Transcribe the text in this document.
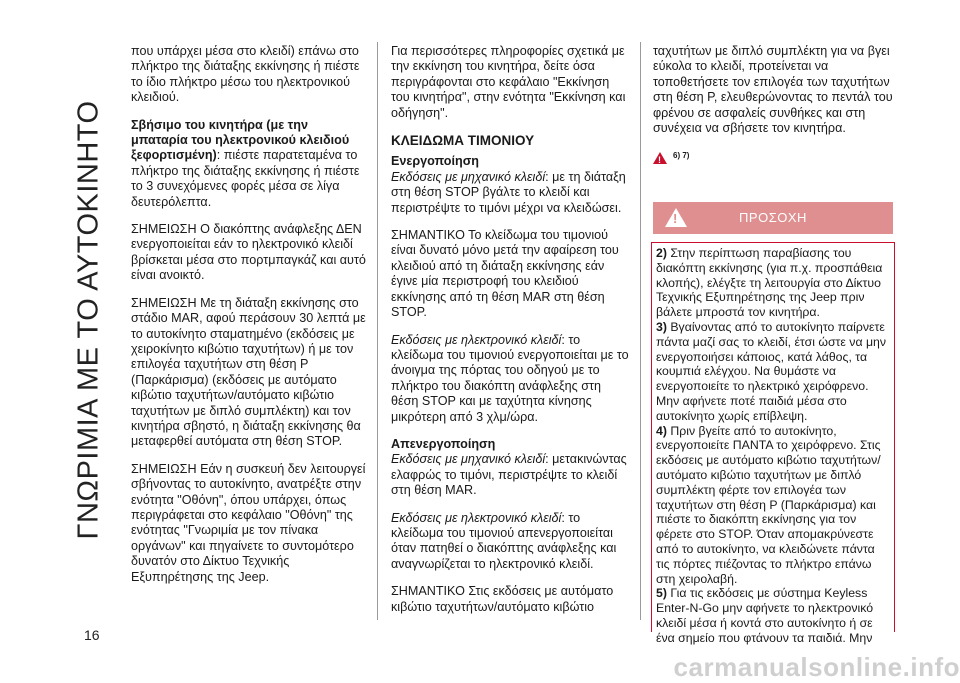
ΓΝΩΡΙΜΙΑ ΜΕ ΤΟ ΑΥΤΟΚΙΝΗΤΟ
16

που υπάρχει μέσα στο κλειδί) επάνω στο πλήκτρο της διάταξης εκκίνησης ή πιέστε το ίδιο πλήκτρο μέσω του ηλεκτρονικού κλειδιού.

Σβήσιμο του κινητήρα (με την μπαταρία του ηλεκτρονικού κλειδιού ξεφορτισμένη): πιέστε παρατεταμένα το πλήκτρο της διάταξης εκκίνησης ή πιέστε το 3 συνεχόμενες φορές μέσα σε λίγα δευτερόλεπτα.

ΣΗΜΕΙΩΣΗ Ο διακόπτης ανάφλεξης ΔΕΝ ενεργοποιείται εάν το ηλεκτρονικό κλειδί βρίσκεται μέσα στο πορτμπαγκάζ και αυτό είναι ανοικτό.

ΣΗΜΕΙΩΣΗ Με τη διάταξη εκκίνησης στο στάδιο MAR, αφού περάσουν 30 λεπτά με το αυτοκίνητο σταματημένο (εκδόσεις με χειροκίνητο κιβώτιο ταχυτήτων) ή με τον επιλογέα ταχυτήτων στη θέση P (Παρκάρισμα) (εκδόσεις με αυτόματο κιβώτιο ταχυτήτων/αυτόματο κιβώτιο ταχυτήτων με διπλό συμπλέκτη) και τον κινητήρα σβηστό, η διάταξη εκκίνησης θα μεταφερθεί αυτόματα στη θέση STOP.

ΣΗΜΕΙΩΣΗ Εάν η συσκευή δεν λειτουργεί σβήνοντας το αυτοκίνητο, ανατρέξτε στην ενότητα "Οθόνη", όπου υπάρχει, όπως περιγράφεται στο κεφάλαιο "Οθόνη" της ενότητας "Γνωριμία με τον πίνακα οργάνων" και πηγαίνετε το συντομότερο δυνατόν στο Δίκτυο Τεχνικής Εξυπηρέτησης της Jeep.

Για περισσότερες πληροφορίες σχετικά με την εκκίνηση του κινητήρα, δείτε όσα περιγράφονται στο κεφάλαιο "Εκκίνηση του κινητήρα", στην ενότητα "Εκκίνηση και οδήγηση".

ΚΛΕΙΔΩΜΑ ΤΙΜΟΝΙΟΥ

Ενεργοποίηση

Εκδόσεις με μηχανικό κλειδί: με τη διάταξη στη θέση STOP βγάλτε το κλειδί και περιστρέψτε το τιμόνι μέχρι να κλειδώσει.

ΣΗΜΑΝΤΙΚΟ Το κλείδωμα του τιμονιού είναι δυνατό μόνο μετά την αφαίρεση του κλειδιού από τη διάταξη εκκίνησης εάν έγινε μία περιστροφή του κλειδιού εκκίνησης από τη θέση MAR στη θέση STOP.

Εκδόσεις με ηλεκτρονικό κλειδί: το κλείδωμα του τιμονιού ενεργοποιείται με το άνοιγμα της πόρτας του οδηγού με το πλήκτρο του διακόπτη ανάφλεξης στη θέση STOP και με ταχύτητα κίνησης μικρότερη από 3 χλμ/ώρα.

Απενεργοποίηση

Εκδόσεις με μηχανικό κλειδί: μετακινώντας ελαφρώς το τιμόνι, περιστρέψτε το κλειδί στη θέση MAR.

Εκδόσεις με ηλεκτρονικό κλειδί: το κλείδωμα του τιμονιού απενεργοποιείται όταν πατηθεί ο διακόπτης ανάφλεξης και αναγνωρίζεται το ηλεκτρονικό κλειδί.

ΣΗΜΑΝΤΙΚΟ Στις εκδόσεις με αυτόματο κιβώτιο ταχυτήτων/αυτόματο κιβώτιο

ταχυτήτων με διπλό συμπλέκτη για να βγει εύκολα το κλειδί, προτείνεται να τοποθετήσετε τον επιλογέα των ταχυτήτων στη θέση P, ελευθερώνοντας το πεντάλ του φρένου σε ασφαλείς συνθήκες και στη συνέχεια να σβήσετε τον κινητήρα.

!
6) 7)
!
ΠΡΟΣΟΧΗ

2) Στην περίπτωση παραβίασης του διακόπτη εκκίνησης (για π.χ. προσπάθεια κλοπής), ελέγξτε τη λειτουργία στο Δίκτυο Τεχνικής Εξυπηρέτησης της Jeep πριν βάλετε μπροστά τον κινητήρα.

3) Βγαίνοντας από το αυτοκίνητο παίρνετε πάντα μαζί σας το κλειδί, έτσι ώστε να μην ενεργοποιήσει κάποιος, κατά λάθος, τα κουμπιά ελέγχου. Να θυμάστε να ενεργοποιείτε το ηλεκτρικό χειρόφρενο. Μην αφήνετε ποτέ παιδιά μέσα στο αυτοκίνητο χωρίς επίβλεψη.

4) Πριν βγείτε από το αυτοκίνητο, ενεργοποιείτε ΠΑΝΤΑ το χειρόφρενο. Στις εκδόσεις με αυτόματο κιβώτιο ταχυτήτων/αυτόματο κιβώτιο ταχυτήτων με διπλό συμπλέκτη φέρτε τον επιλογέα των ταχυτήτων στη θέση P (Παρκάρισμα) και πιέστε το διακόπτη εκκίνησης για τον φέρετε στο STOP. Όταν απομακρύνεστε από το αυτοκίνητο, να κλειδώνετε πάντα τις πόρτες πιέζοντας το πλήκτρο επάνω στη χειρολαβή.

5) Για τις εκδόσεις με σύστημα Keyless Enter-N-Go μην αφήνετε το ηλεκτρονικό κλειδί μέσα ή κοντά στο αυτοκίνητο ή σε ένα σημείο που φτάνουν τα παιδιά. Μην

carmanualsonline.info
